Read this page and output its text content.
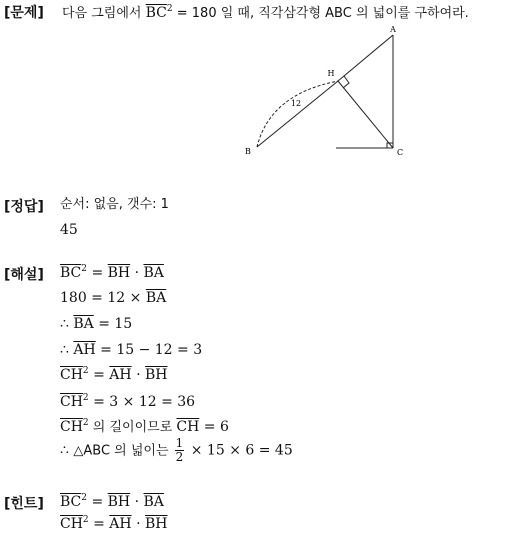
[문제] 다음 그림에서 $\overline{BC}^2 = 180$ 일 때, 직각삼각형 ABC 의 넓이를 구하여라.
A
H
B	C
12
[정답] 순서: 없음, 갯수: 1
45
[해설] $\overline{BC}^2 = \overline{BH} \cdot \overline{BA}$
$180 = 12 \times \overline{BA}$
∴ $\overline{BA} = 15$
∴ $\overline{AH} = 15 - 12 = 3$
$\overline{CH}^2 = \overline{AH} \cdot \overline{BH}$
$\overline{CH}^2 = 3 \times 12 = 36$
$\overline{CH}^2$ 의 길이이므로 $\overline{CH} = 6$
∴ △ABC 의 넓이는 $\frac{1}{2} \times 15 \times 6 = 45$
[힌트] $\overline{BC}^2 = \overline{BH} \cdot \overline{BA}$
$\overline{CH}^2 = \overline{AH} \cdot \overline{BH}$
